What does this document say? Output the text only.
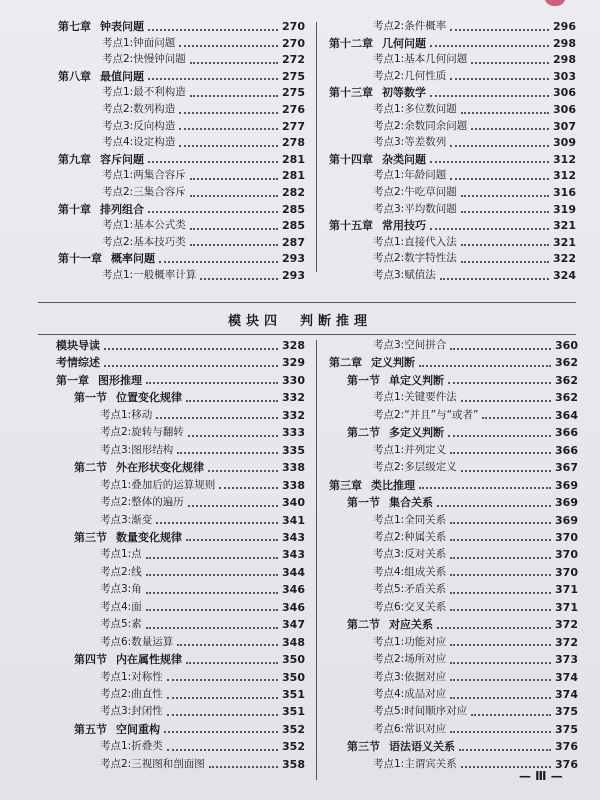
模块四　判断推理
第七章 钟表问题	270
考点1:钟面问题	270
考点2:快慢钟问题	272
第八章 最值问题	275
考点1:最不利构造	275
考点2:数列构造	276
考点3:反向构造	277
考点4:设定构造	278
第九章 容斥问题	281
考点1:两集合容斥	281
考点2:三集合容斥	282
第十章 排列组合	285
考点1:基本公式类	285
考点2:基本技巧类	287
第十一章 概率问题	293
考点1:一般概率计算	293
考点2:条件概率	296
第十二章 几何问题	298
考点1:基本几何问题	298
考点2:几何性质	303
第十三章 初等数学	306
考点1:多位数问题	306
考点2:余数同余问题	307
考点3:等差数列	309
第十四章 杂类问题	312
考点1:年龄问题	312
考点2:牛吃草问题	316
考点3:平均数问题	319
第十五章 常用技巧	321
考点1:直接代入法	321
考点2:数字特性法	322
考点3:赋值法	324
模块导读	328
考情综述	329
第一章 图形推理	330
第一节 位置变化规律	332
考点1:移动	332
考点2:旋转与翻转	333
考点3:图形结构	335
第二节 外在形状变化规律	338
考点1:叠加后的运算规则	338
考点2:整体的遍历	340
考点3:渐变	341
第三节 数量变化规律	343
考点1:点	343
考点2:线	344
考点3:角	346
考点4:面	346
考点5:素	347
考点6:数量运算	348
第四节 内在属性规律	350
考点1:对称性	350
考点2:曲直性	351
考点3:封闭性	351
第五节 空间重构	352
考点1:折叠类	352
考点2:三视图和剖面图	358
考点3:空间拼合	360
第二章 定义判断	362
第一节 单定义判断	362
考点1:关键要件法	362
考点2:“并且”与“或者”	364
第二节 多定义判断	366
考点1:并列定义	366
考点2:多层级定义	367
第三章 类比推理	369
第一节 集合关系	369
考点1:全同关系	369
考点2:种属关系	370
考点3:反对关系	370
考点4:组成关系	370
考点5:矛盾关系	371
考点6:交叉关系	371
第二节 对应关系	372
考点1:功能对应	372
考点2:场所对应	373
考点3:依据对应	374
考点4:成品对应	374
考点5:时间顺序对应	375
考点6:常识对应	375
第三节 语法语义关系	376
考点1:主谓宾关系	376
— Ⅲ —
